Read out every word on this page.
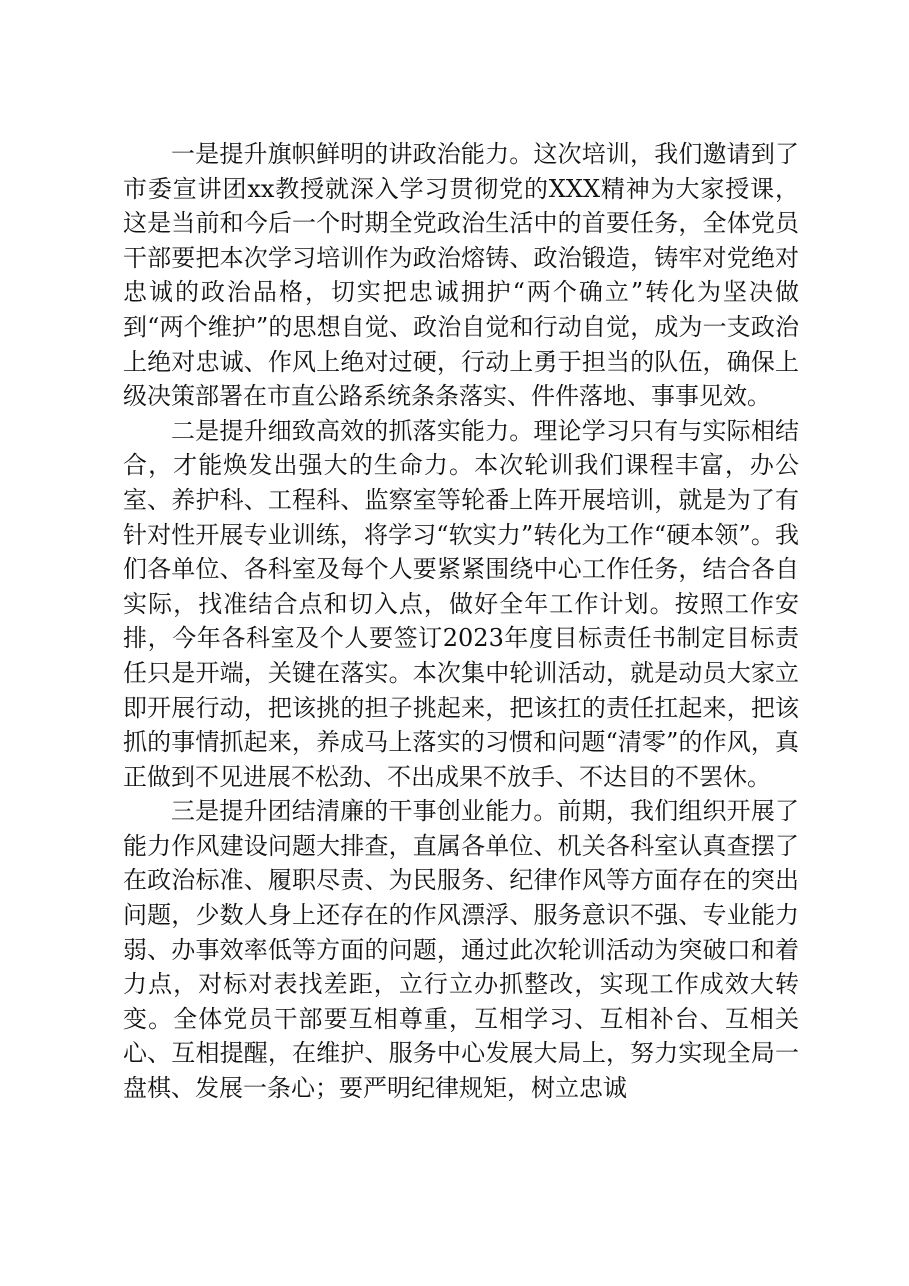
一是提升旗帜鲜明的讲政治能力。这次培训，我们邀请到了市委宣讲团xx教授就深入学习贯彻党的XXX精神为大家授课，这是当前和今后一个时期全党政治生活中的首要任务，全体党员干部要把本次学习培训作为政治熔铸、政治锻造，铸牢对党绝对忠诚的政治品格，切实把忠诚拥护“两个确立”转化为坚决做到“两个维护”的思想自觉、政治自觉和行动自觉，成为一支政治上绝对忠诚、作风上绝对过硬，行动上勇于担当的队伍，确保上级决策部署在市直公路系统条条落实、件件落地、事事见效。

二是提升细致高效的抓落实能力。理论学习只有与实际相结合，才能焕发出强大的生命力。本次轮训我们课程丰富，办公室、养护科、工程科、监察室等轮番上阵开展培训，就是为了有针对性开展专业训练，将学习“软实力”转化为工作“硬本领”。我们各单位、各科室及每个人要紧紧围绕中心工作任务，结合各自实际，找准结合点和切入点，做好全年工作计划。按照工作安排，今年各科室及个人要签订2023年度目标责任书制定目标责任只是开端，关键在落实。本次集中轮训活动，就是动员大家立即开展行动，把该挑的担子挑起来，把该扛的责任扛起来，把该抓的事情抓起来，养成马上落实的习惯和问题“清零”的作风，真正做到不见进展不松劲、不出成果不放手、不达目的不罢休。

三是提升团结清廉的干事创业能力。前期，我们组织开展了能力作风建设问题大排查，直属各单位、机关各科室认真查摆了在政治标准、履职尽责、为民服务、纪律作风等方面存在的突出问题，少数人身上还存在的作风漂浮、服务意识不强、专业能力弱、办事效率低等方面的问题，通过此次轮训活动为突破口和着力点，对标对表找差距，立行立办抓整改，实现工作成效大转变。全体党员干部要互相尊重，互相学习、互相补台、互相关心、互相提醒，在维护、服务中心发展大局上，努力实现全局一盘棋、发展一条心；要严明纪律规矩，树立忠诚
